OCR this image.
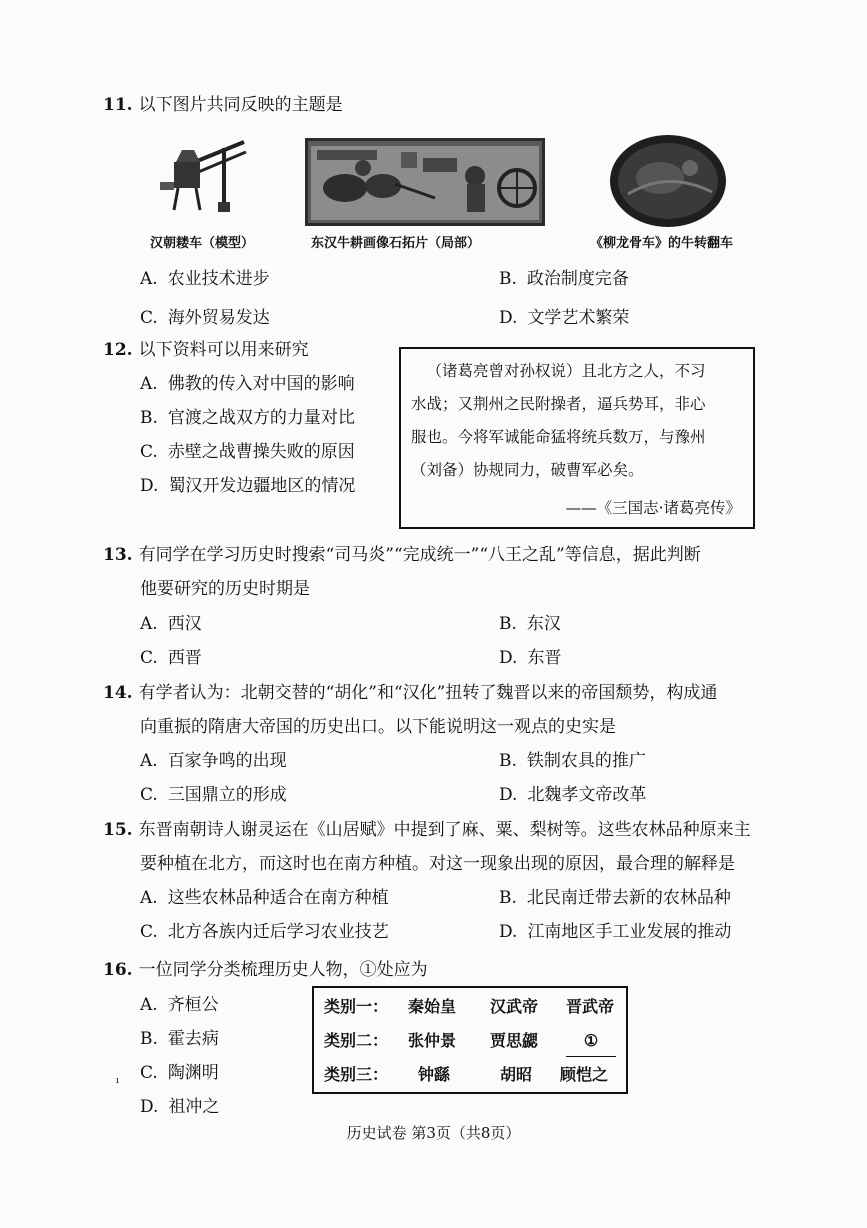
11. 以下图片共同反映的主题是
汉朝耧车（模型）	东汉牛耕画像石拓片（局部）	《柳龙骨车》的牛转翻车
A. 农业技术进步	B. 政治制度完备
C. 海外贸易发达	D. 文学艺术繁荣
12. 以下资料可以用来研究
A. 佛教的传入对中国的影响
B. 官渡之战双方的力量对比
C. 赤壁之战曹操失败的原因
D. 蜀汉开发边疆地区的情况
（诸葛亮曾对孙权说）且北方之人，不习
水战；又荆州之民附操者，逼兵势耳，非心
服也。今将军诚能命猛将统兵数万，与豫州
（刘备）协规同力，破曹军必矣。
——《三国志·诸葛亮传》
13. 有同学在学习历史时搜索“司马炎”“完成统一”“八王之乱”等信息，据此判断
他要研究的历史时期是
A. 西汉	B. 东汉
C. 西晋	D. 东晋
14. 有学者认为：北朝交替的“胡化”和“汉化”扭转了魏晋以来的帝国颓势，构成通
向重振的隋唐大帝国的历史出口。以下能说明这一观点的史实是
A. 百家争鸣的出现	B. 铁制农具的推广
C. 三国鼎立的形成	D. 北魏孝文帝改革
15. 东晋南朝诗人谢灵运在《山居赋》中提到了麻、粟、梨树等。这些农林品种原来主
要种植在北方，而这时也在南方种植。对这一现象出现的原因，最合理的解释是
A. 这些农林品种适合在南方种植	B. 北民南迁带去新的农林品种
C. 北方各族内迁后学习农业技艺	D. 江南地区手工业发展的推动
16. 一位同学分类梳理历史人物，①处应为
A. 齐桓公
B. 霍去病
C. 陶渊明
D. 祖冲之
ı
类别一： 秦始皇 汉武帝 晋武帝
类别二： 张仲景 贾思勰	①
类别三： 钟繇	胡昭 顾恺之
历史试卷 第3页（共8页）
